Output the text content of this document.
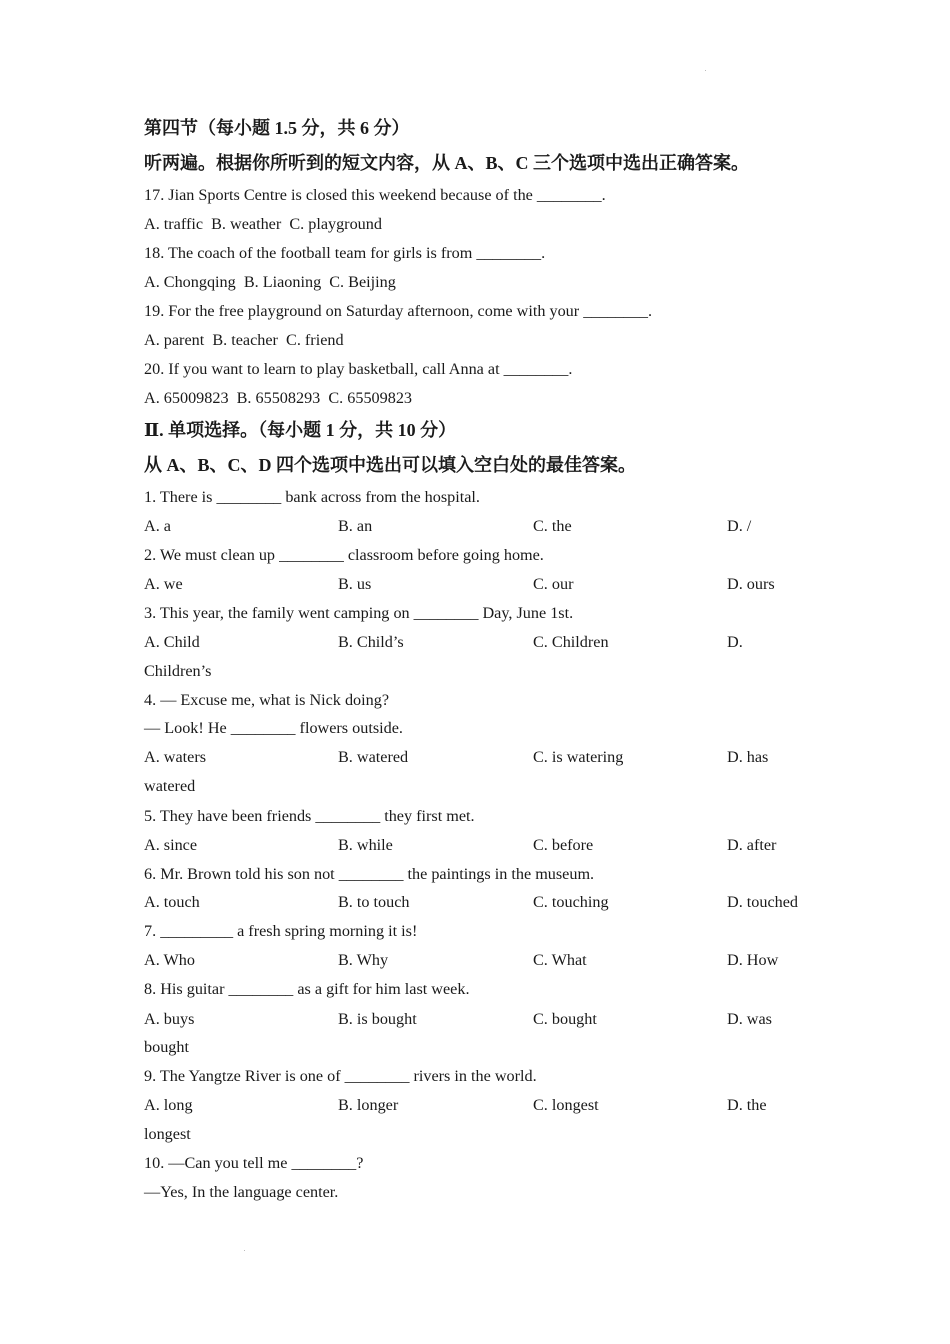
第四节（每小题 1.5 分，共 6 分）
听两遍。根据你所听到的短文内容，从 A、B、C 三个选项中选出正确答案。
17. Jian Sports Centre is closed this weekend because of the ________.
A. traffic  B. weather  C. playground
18. The coach of the football team for girls is from ________.
A. Chongqing  B. Liaoning  C. Beijing
19. For the free playground on Saturday afternoon, come with your ________.
A. parent  B. teacher  C. friend
20. If you want to learn to play basketball, call Anna at ________.
A. 65009823  B. 65508293  C. 65509823
Ⅱ. 单项选择。（每小题 1 分，共 10 分）
从 A、B、C、D 四个选项中选出可以填入空白处的最佳答案。
1. There is ________ bank across from the hospital.
A. a	B. an	C. the	D. /
2. We must clean up ________ classroom before going home.
A. we	B. us	C. our	D. ours
3. This year, the family went camping on ________ Day, June 1st.
A. Child	B. Child’s	C. Children	D.
Children’s
4. — Excuse me, what is Nick doing?
— Look! He ________ flowers outside.
A. waters	B. watered	C. is watering	D. has
watered
5. They have been friends ________ they first met.
A. since	B. while	C. before	D. after
6. Mr. Brown told his son not ________ the paintings in the museum.
A. touch	B. to touch	C. touching	D. touched
7. _________ a fresh spring morning it is!
A. Who	B. Why	C. What	D. How
8. His guitar ________ as a gift for him last week.
A. buys	B. is bought	C. bought	D. was
bought
9. The Yangtze River is one of ________ rivers in the world.
A. long	B. longer	C. longest	D. the
longest
10. —Can you tell me ________?
—Yes, In the language center.
